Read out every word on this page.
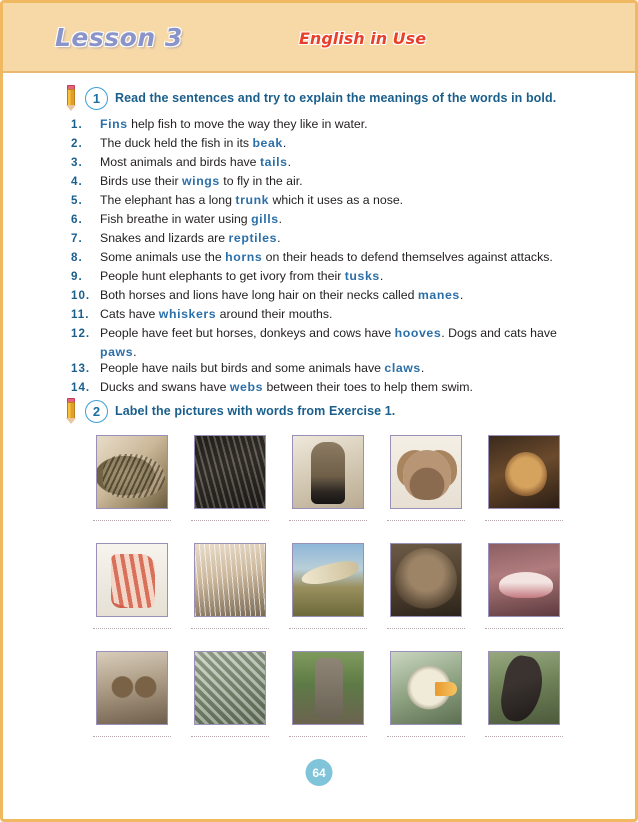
Lesson 3	English in Use
1	Read the sentences and try to explain the meanings of the words in bold.
1.	Fins help fish to move the way they like in water.
2.	The duck held the fish in its beak.
3.	Most animals and birds have tails.
4.	Birds use their wings to fly in the air.
5.	The elephant has a long trunk which it uses as a nose.
6.	Fish breathe in water using gills.
7.	Snakes and lizards are reptiles.
8.	Some animals use the horns on their heads to defend themselves against attacks.
9.	People hunt elephants to get ivory from their tusks.
10. Both horses and lions have long hair on their necks called manes.
11. Cats have whiskers around their mouths.
12. People have feet but horses, donkeys and cows have hooves. Dogs and cats have
paws.
13. People have nails but birds and some animals have claws.
14. Ducks and swans have webs between their toes to help them swim.
2	Label the pictures with words from Exercise 1.
64
